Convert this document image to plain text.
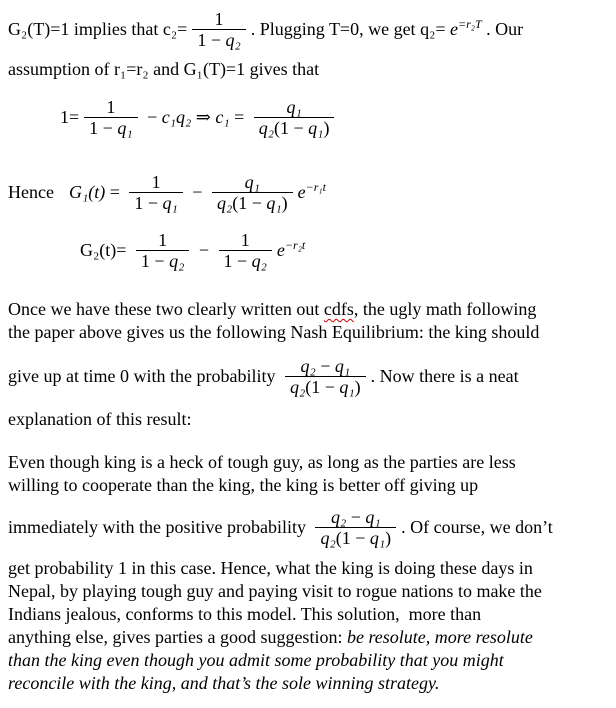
G₂(T)=1 implies that $c_2= \frac{1}{\text{1 − q₂}}$ . Plugging T=0, we get $q_2= e^{=r_2T}$ . Our
assumption of r₁=r₂ and G₁(T)=1 gives that
$1= \frac{1}{\text{1 − q₁}} - c_1q_2$ ⇒ $c_1 = \frac{\text{q₁}}{\text{q₂(1 − q₁)}}$
Hence $G_1(t) = \frac{1}{\text{1 − q₁}} - \frac{\text{q₁}}{\text{q₂(1 − q₁)}} e^{-r_1t}$
$G_2(t)= \frac{1}{\text{1 − q₂}} - \frac{1}{\text{1 − q₂}} e^{-r_2t}$
Once we have these two clearly written out cdfs, the ugly math following
the paper above gives us the following Nash Equilibrium: the king should
give up at time 0 with the probability $\frac{\text{q₂ − q₁}}{\text{q₂(1 − q₁)}}$ . Now there is a neat
explanation of this result:
Even though king is a heck of tough guy, as long as the parties are less
willing to cooperate than the king, the king is better off giving up
immediately with the positive probability $\frac{\text{q₂ − q₁}}{\text{q₂(1 − q₁)}}$ . Of course, we don’t
get probability 1 in this case. Hence, what the king is doing these days in
Nepal, by playing tough guy and paying visit to rogue nations to make the
Indians jealous, conforms to this model. This solution,  more than
anything else, gives parties a good suggestion: be resolute, more resolute
than the king even though you admit some probability that you might
reconcile with the king, and that’s the sole winning strategy.
